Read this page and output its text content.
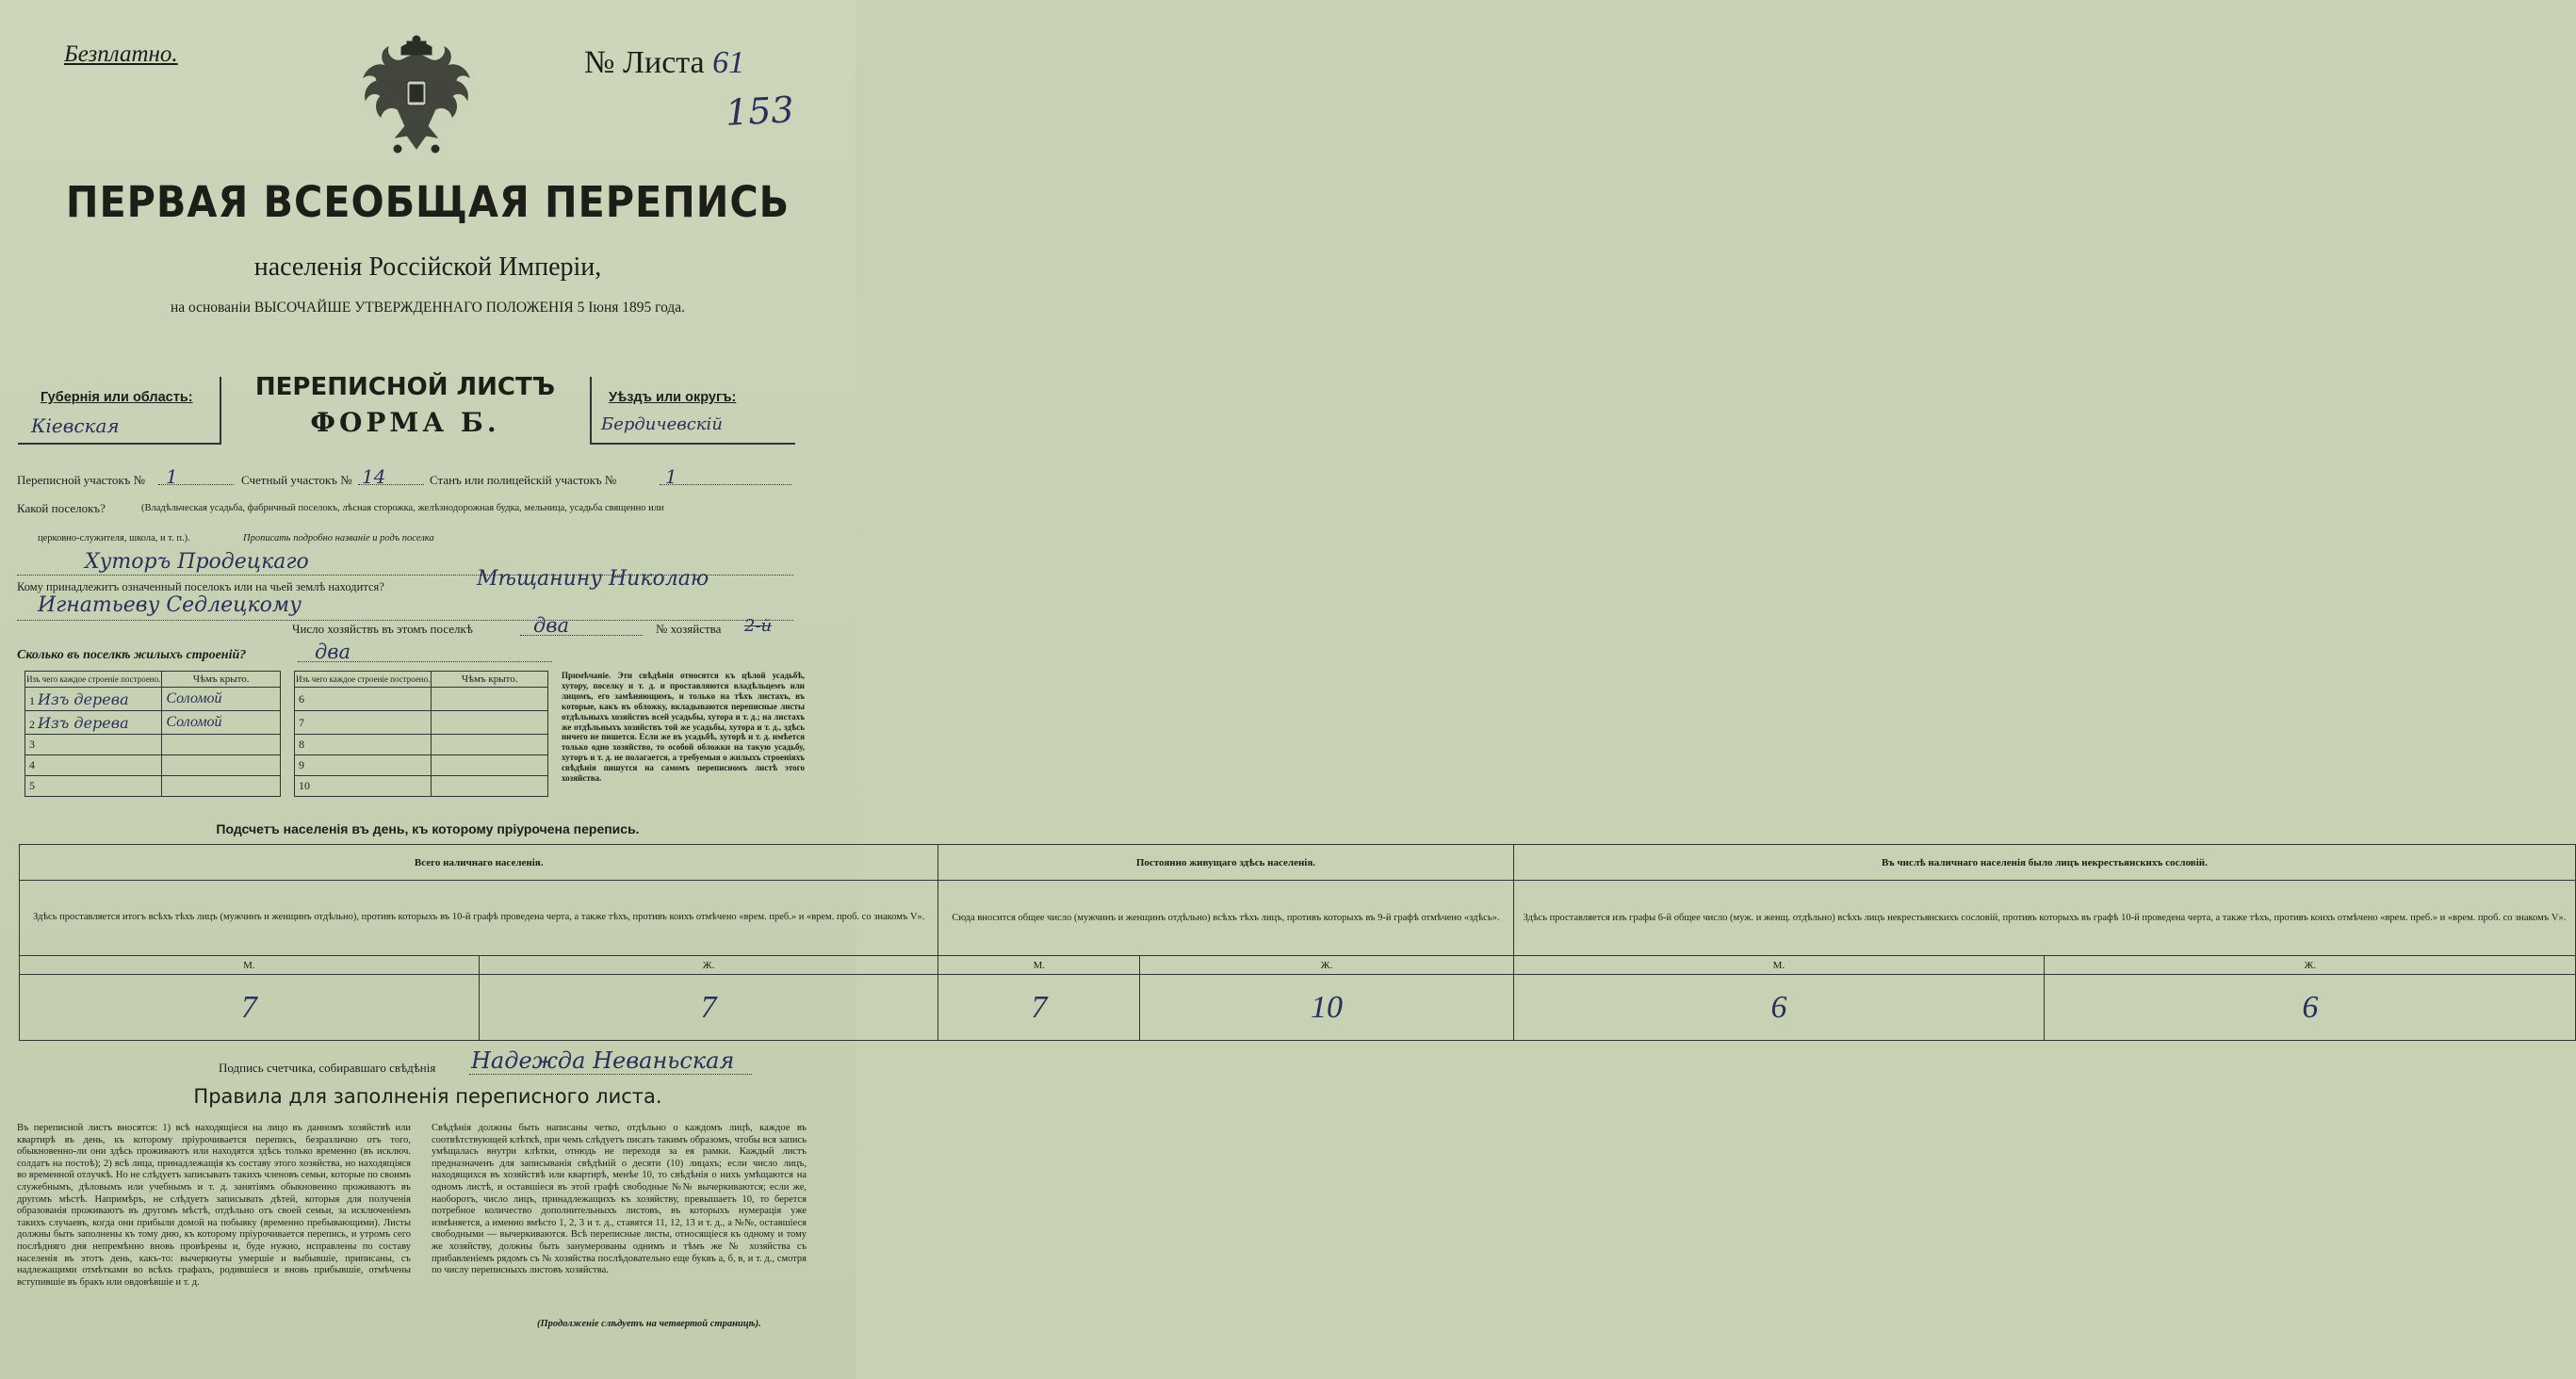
Безплатно.	№ Листа 61
153
ПЕРВАЯ ВСЕОБЩАЯ ПЕРЕПИСЬ
населенія Россійской Имперіи,
на основаніи ВЫСОЧАЙШЕ УТВЕРЖДЕННАГО ПОЛОЖЕНІЯ 5 Іюня 1895 года.
Губернія или область:
Кіевская
ПЕРЕПИСНОЙ ЛИСТЪ
ФОРМА Б.
Уѣздъ или округъ:
Бердичевскій
Переписной участокъ № 1	Счетный участокъ № 14	Станъ или полицейскій участокъ №	1
Какой поселокъ?	(Владѣльческая усадьба, фабричный поселокъ, лѣсная сторожка, желѣзнодорожная будка, мельница, усадьба священно или
церковно-служителя, школа, и т. п.).	Прописать подробно названіе и родъ поселка
Хуторъ Продецкаго
Кому принадлежитъ означенный поселокъ или на чьей землѣ находится?	Мѣщанину Николаю
Игнатьеву Седлецкому
Число хозяйствъ въ этомъ поселкѣ	два	№ хозяйства 2-й
Сколько въ поселкѣ жилыхъ строеній?	два
Изъ чего каждое строеніе построено.	Чѣмъ крыто.
1 Изъ дерева	Соломой
2 Изъ дерева	Соломой
3	
4	
5	
Изъ чего каждое строеніе построено.	Чѣмъ крыто.
6	
7	
8	
9	
10	
Примѣчаніе. Эти свѣдѣнія относятся къ цѣлой усадьбѣ, хутору, поселку и т. д. и проставляются владѣльцемъ или лицомъ, его замѣняющимъ, и только на тѣхъ листахъ, въ которые, какъ въ обложку, вкладываются переписные листы отдѣльныхъ хозяйствъ всей усадьбы, хутора и т. д.; на листахъ же отдѣльныхъ хозяйствъ той же усадьбы, хутора и т. д., здѣсь ничего не пишется. Если же въ усадьбѣ, хуторѣ и т. д. имѣется только одно хозяйство, то особой обложки на такую усадьбу, хуторъ и т. д. не полагается, а требуемыя о жилыхъ строеніяхъ свѣдѣнія пишутся на самомъ переписномъ листѣ этого хозяйства.
Подсчетъ населенія въ день, къ которому пріурочена перепись.
Всего наличнаго населенія.		Постоянно живущаго здѣсь населенія.		Въ числѣ наличнаго населенія было лицъ некрестьянскихъ сословій.	
Здѣсь проставляется итогъ всѣхъ тѣхъ лицъ (мужчинъ и женщинъ отдѣльно), противъ которыхъ въ 10-й графѣ проведена черта, а также тѣхъ, противъ коихъ отмѣчено «врем. преб.» и «врем. проб. со знакомъ V».		Сюда вносится общее число (мужчинъ и женщинъ отдѣльно) всѣхъ тѣхъ лицъ, противъ которыхъ въ 9-й графѣ отмѣчено «здѣсь».		Здѣсь проставляется изъ графы 6-й общее число (муж. и женщ. отдѣльно) всѣхъ лицъ некрестьянскихъ сословій, противъ которыхъ въ графѣ 10-й проведена черта, а также тѣхъ, противъ коихъ отмѣчено «врем. преб.» и «врем. проб. со знакомъ V».	
М.	Ж.	М.	Ж.	М.	Ж.
7	7	7	10	6	6
Подпись счетчика, собиравшаго свѣдѣнія Надежда Неваньская
Правила для заполненія переписного листа.
Въ переписной листъ вносятся: 1) всѣ находящіеся на лицо въ данномъ хозяйствѣ или квартирѣ въ день, къ которому пріурочивается перепись, безразлично отъ того, обыкновенно-ли они здѣсь проживаютъ или находятся здѣсь только временно (въ исключ. солдатъ на постоѣ); 2) всѣ лица, принадлежащія къ составу этого хозяйства, но находящіяся во временной отлучкѣ. Но не слѣдуетъ записывать такихъ членовъ семьи, которые по своимъ служебнымъ, дѣловымъ или учебнымъ и т. д. занятіямъ обыкновенно проживаютъ въ другомъ мѣстѣ. Напримѣръ, не слѣдуетъ записывать дѣтей, которыя для полученія образованія проживаютъ въ другомъ мѣстѣ, отдѣльно отъ своей семьи, за исключеніемъ такихъ случаевъ, когда они прибыли домой на побывку (временно пребывающими). Листы должны быть заполнены къ тому дню, къ которому пріурочивается перепись, и утромъ сего послѣдняго дня непремѣнно вновь провѣрены и, буде нужно, исправлены по составу населенія въ этотъ день, какъ-то: вычеркнуты умершіе и выбывшіе, приписаны, съ надлежащими отмѣтками во всѣхъ графахъ, родившіеся и вновь прибывшіе, отмѣчены вступившіе въ бракъ или овдовѣвшіе и т. д.
Свѣдѣнія должны быть написаны четко, отдѣльно о каждомъ лицѣ, каждое въ соотвѣтствующей клѣткѣ, при чемъ слѣдуетъ писать такимъ образомъ, чтобы вся запись умѣщалась внутри клѣтки, отнюдь не переходя за ея рамки. Каждый листъ предназначенъ для записыванія свѣдѣній о десяти (10) лицахъ; если число лицъ, находящихся въ хозяйствѣ или квартирѣ, менѣе 10, то свѣдѣнія о нихъ умѣщаются на одномъ листѣ, и оставшіеся въ этой графѣ свободные №№ вычеркиваются; если же, наоборотъ, число лицъ, принадлежащихъ къ хозяйству, превышаетъ 10, то берется потребное количество дополнительныхъ листовъ, въ которыхъ нумерація уже измѣняется, а именно вмѣсто 1, 2, 3 и т. д., ставятся 11, 12, 13 и т. д., а №№, оставшіеся свободными — вычеркиваются. Всѣ переписные листы, относящіеся къ одному и тому же хозяйству, должны быть занумерованы однимъ и тѣмъ же № хозяйства съ прибавленіемъ рядомъ съ № хозяйства послѣдовательно еще буквъ а, б, в, и т. д., смотря по числу переписныхъ листовъ хозяйства.
(Продолженіе слѣдуетъ на четвертой страницѣ).
